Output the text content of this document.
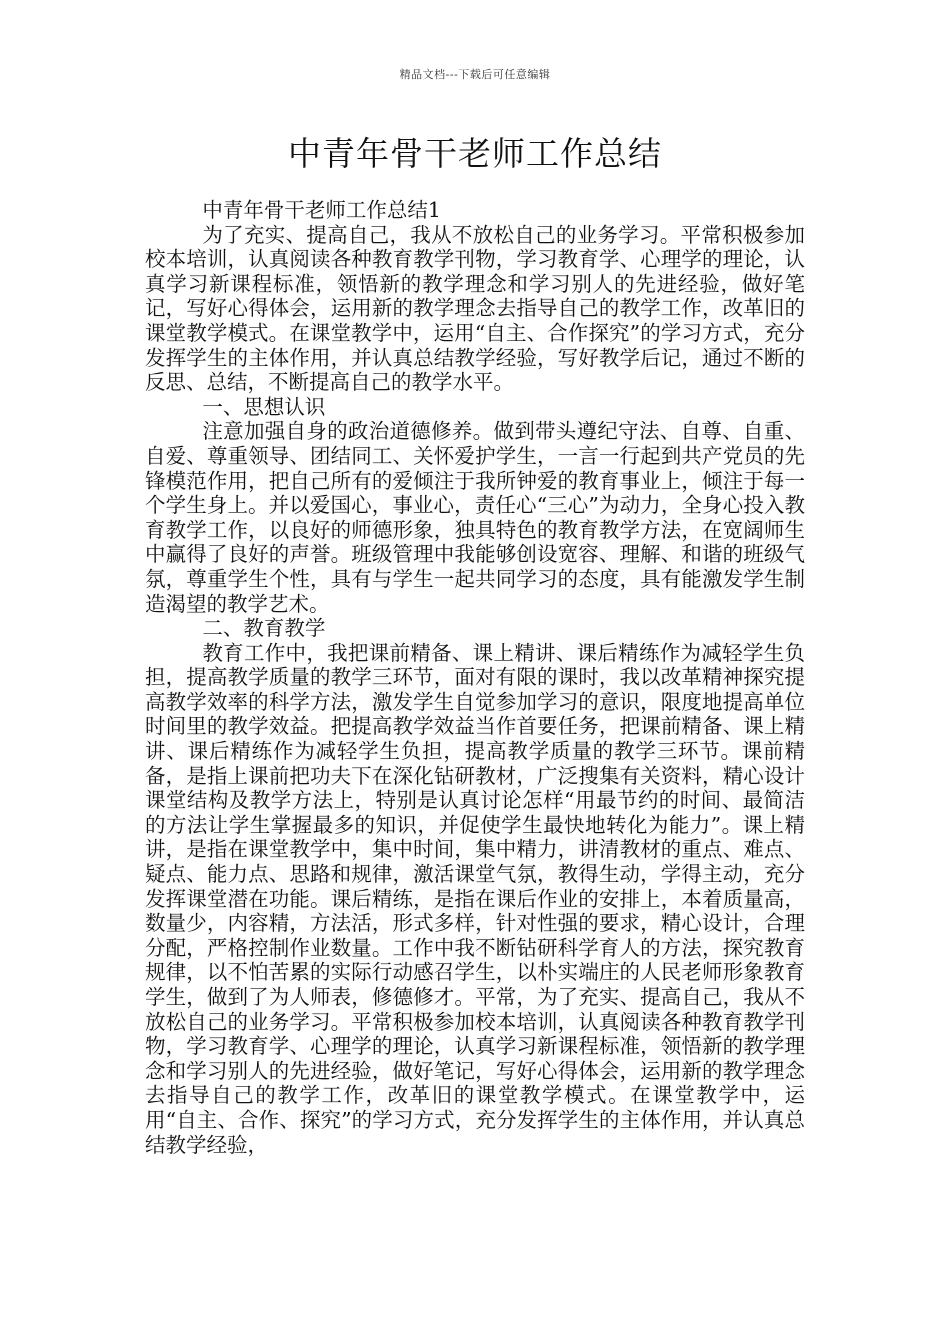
精品文档---下载后可任意编辑
中青年骨干老师工作总结

中青年骨干老师工作总结1

为了充实、提高自己，我从不放松自己的业务学习。平常积极参加校本培训，认真阅读各种教育教学刊物，学习教育学、心理学的理论，认真学习新课程标准，领悟新的教学理念和学习别人的先进经验，做好笔记，写好心得体会，运用新的教学理念去指导自己的教学工作，改革旧的课堂教学模式。在课堂教学中，运用“自主、合作探究”的学习方式，充分发挥学生的主体作用，并认真总结教学经验，写好教学后记，通过不断的反思、总结，不断提高自己的教学水平。

一、思想认识

注意加强自身的政治道德修养。做到带头遵纪守法、自尊、自重、自爱、尊重领导、团结同工、关怀爱护学生，一言一行起到共产党员的先锋模范作用，把自己所有的爱倾注于我所钟爱的教育事业上，倾注于每一个学生身上。并以爱国心，事业心，责任心“三心”为动力，全身心投入教育教学工作，以良好的师德形象，独具特色的教育教学方法，在宽阔师生中赢得了良好的声誉。班级管理中我能够创设宽容、理解、和谐的班级气氛，尊重学生个性，具有与学生一起共同学习的态度，具有能激发学生制造渴望的教学艺术。

二、教育教学

教育工作中，我把课前精备、课上精讲、课后精练作为减轻学生负担，提高教学质量的教学三环节，面对有限的课时，我以改革精神探究提高教学效率的科学方法，激发学生自觉参加学习的意识，限度地提高单位时间里的教学效益。把提高教学效益当作首要任务，把课前精备、课上精讲、课后精练作为减轻学生负担，提高教学质量的教学三环节。课前精备，是指上课前把功夫下在深化钻研教材，广泛搜集有关资料，精心设计课堂结构及教学方法上，特别是认真讨论怎样“用最节约的时间、最简洁的方法让学生掌握最多的知识，并促使学生最快地转化为能力”。课上精讲，是指在课堂教学中，集中时间，集中精力，讲清教材的重点、难点、疑点、能力点、思路和规律，激活课堂气氛，教得生动，学得主动，充分发挥课堂潜在功能。课后精练，是指在课后作业的安排上，本着质量高，数量少，内容精，方法活，形式多样，针对性强的要求，精心设计，合理分配，严格控制作业数量。工作中我不断钻研科学育人的方法，探究教育规律，以不怕苦累的实际行动感召学生，以朴实端庄的人民老师形象教育学生，做到了为人师表，修德修才。平常，为了充实、提高自己，我从不放松自己的业务学习。平常积极参加校本培训，认真阅读各种教育教学刊物，学习教育学、心理学的理论，认真学习新课程标准，领悟新的教学理念和学习别人的先进经验，做好笔记，写好心得体会，运用新的教学理念去指导自己的教学工作，改革旧的课堂教学模式。在课堂教学中，运用“自主、合作、探究”的学习方式，充分发挥学生的主体作用，并认真总结教学经验，
